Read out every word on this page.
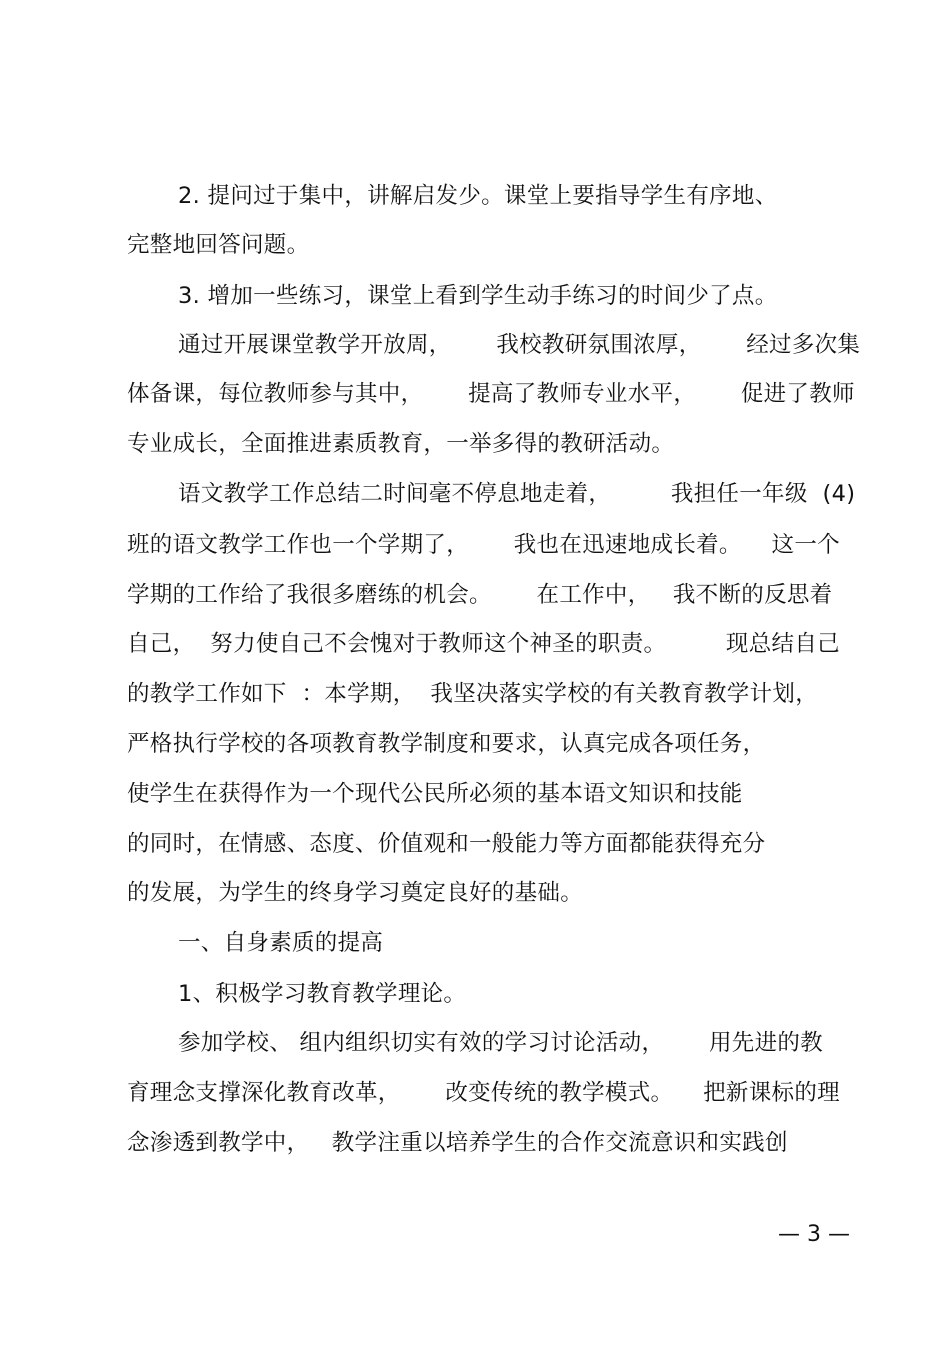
2. 提问过于集中，讲解启发少。课堂上要指导学生有序地、
完整地回答问题。
3. 增加一些练习，课堂上看到学生动手练习的时间少了点。
通过开展课堂教学开放周，      我校教研氛围浓厚，      经过多次集
体备课，每位教师参与其中，      提高了教师专业水平，      促进了教师
专业成长，全面推进素质教育，一举多得的教研活动。
语文教学工作总结二时间毫不停息地走着，        我担任一年级  (4)
班的语文教学工作也一个学期了，      我也在迅速地成长着。    这一个
学期的工作给了我很多磨练的机会。      在工作中，   我不断的反思着
自己，  努力使自己不会愧对于教师这个神圣的职责。        现总结自己
的教学工作如下  ：本学期，  我坚决落实学校的有关教育教学计划，
严格执行学校的各项教育教学制度和要求，认真完成各项任务，
使学生在获得作为一个现代公民所必须的基本语文知识和技能
的同时，在情感、态度、价值观和一般能力等方面都能获得充分
的发展，为学生的终身学习奠定良好的基础。
一、自身素质的提高
1、积极学习教育教学理论。
参加学校、 组内组织切实有效的学习讨论活动，      用先进的教
育理念支撑深化教育改革，      改变传统的教学模式。    把新课标的理
念渗透到教学中，   教学注重以培养学生的合作交流意识和实践创
— 3 —
